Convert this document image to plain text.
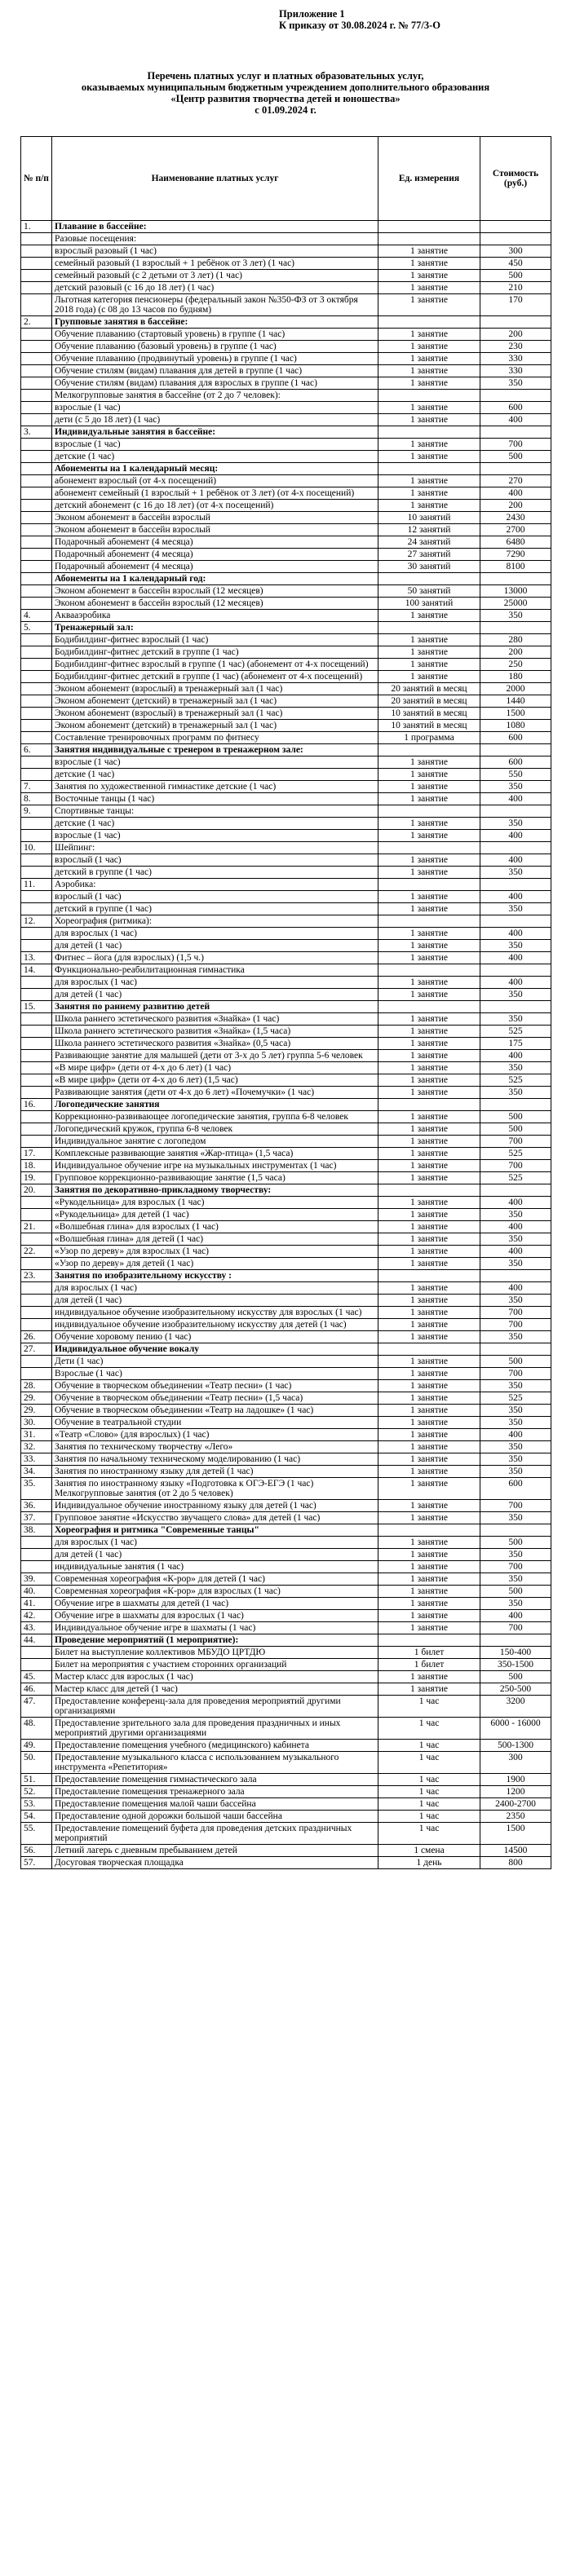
Приложение 1
К приказу от 30.08.2024 г. № 77/3-О
Перечень платных услуг и платных образовательных услуг,
оказываемых муниципальным бюджетным учреждением дополнительного образования
«Центр развития творчества детей и юношества»
с 01.09.2024 г.
№ п/п	Наименование платных услуг	Ед. измерения	Стоимость (руб.)
1.	Плавание в бассейне:		
	Разовые посещения:		
	взрослый разовый (1 час)	1 занятие	300
	семейный разовый (1 взрослый + 1 ребёнок от 3 лет) (1 час)	1 занятие	450
	семейный разовый (с 2 детьми от 3 лет) (1 час)	1 занятие	500
	детский разовый (с 16 до 18 лет) (1 час)	1 занятие	210
	Льготная категория пенсионеры (федеральный закон №350-ФЗ от 3 октября 2018 года) (с 08 до 13 часов по будням)	1 занятие	170
2.	Групповые занятия в бассейне:		
	Обучение плаванию (стартовый уровень) в группе (1 час)	1 занятие	200
	Обучение плаванию (базовый уровень) в группе (1 час)	1 занятие	230
	Обучение плаванию (продвинутый уровень) в группе (1 час)	1 занятие	330
	Обучение стилям (видам) плавания для детей в группе (1 час)	1 занятие	330
	Обучение стилям (видам) плавания для взрослых в группе (1 час)	1 занятие	350
	Мелкогрупповые занятия в бассейне (от 2 до 7 человек):		
	взрослые (1 час)	1 занятие	600
	дети (с 5 до 18 лет) (1 час)	1 занятие	400
3.	Индивидуальные занятия в бассейне:		
	взрослые (1 час)	1 занятие	700
	детские (1 час)	1 занятие	500
	Абонементы на 1 календарный месяц:		
	абонемент взрослый (от 4-х посещений)	1 занятие	270
	абонемент семейный (1 взрослый + 1 ребёнок от 3 лет) (от 4-х посещений)	1 занятие	400
	детский абонемент (с 16 до 18 лет) (от 4-х посещений)	1 занятие	200
	Эконом абонемент в бассейн взрослый	10 занятий	2430
	Эконом абонемент в бассейн взрослый	12 занятий	2700
	Подарочный абонемент (4 месяца)	24 занятий	6480
	Подарочный абонемент (4 месяца)	27 занятий	7290
	Подарочный абонемент (4 месяца)	30 занятий	8100
	Абонементы на 1 календарный год:		
	Эконом абонемент в бассейн взрослый (12 месяцев)	50 занятий	13000
	Эконом абонемент в бассейн взрослый (12 месяцев)	100 занятий	25000
4.	Аквааэробика	1 занятие	350
5.	Тренажерный зал:		
	Бодибилдинг-фитнес взрослый (1 час)	1 занятие	280
	Бодибилдинг-фитнес детский в группе (1 час)	1 занятие	200
	Бодибилдинг-фитнес взрослый в группе (1 час) (абонемент от 4-х посещений)	1 занятие	250
	Бодибилдинг-фитнес детский в группе (1 час) (абонемент от 4-х посещений)	1 занятие	180
	Эконом абонемент (взрослый) в тренажерный зал (1 час)	20 занятий в месяц	2000
	Эконом абонемент (детский) в тренажерный зал (1 час)	20 занятий в месяц	1440
	Эконом абонемент (взрослый) в тренажерный зал (1 час)	10 занятий в месяц	1500
	Эконом абонемент (детский) в тренажерный зал (1 час)	10 занятий в месяц	1080
	Составление тренировочных программ по фитнесу	1 программа	600
6.	Занятия индивидуальные с тренером в тренажерном зале:		
	взрослые (1 час)	1 занятие	600
	детские (1 час)	1 занятие	550
7.	Занятия по художественной гимнастике детские (1 час)	1 занятие	350
8.	Восточные танцы (1 час)	1 занятие	400
9.	Спортивные танцы:		
	детские (1 час)	1 занятие	350
	взрослые (1 час)	1 занятие	400
10.	Шейпинг:		
	взрослый (1 час)	1 занятие	400
	детский в группе (1 час)	1 занятие	350
11.	Аэробика:		
	взрослый (1 час)	1 занятие	400
	детский в группе (1 час)	1 занятие	350
12.	Хореография (ритмика):		
	для взрослых (1 час)	1 занятие	400
	для детей (1 час)	1 занятие	350
13.	Фитнес – йога (для взрослых) (1,5 ч.)	1 занятие	400
14.	Функционально-реабилитационная гимнастика		
	для взрослых (1 час)	1 занятие	400
	для детей (1 час)	1 занятие	350
15.	Занятия по раннему развитию детей		
	Школа раннего эстетического развития «Знайка» (1 час)	1 занятие	350
	Школа раннего эстетического развития «Знайка» (1,5 часа)	1 занятие	525
	Школа раннего эстетического развития «Знайка» (0,5 часа)	1 занятие	175
	Развивающие занятие для малышей (дети от 3-х до 5 лет) группа 5-6 человек	1 занятие	400
	«В мире цифр» (дети от 4-х до 6 лет) (1 час)	1 занятие	350
	«В мире цифр» (дети от 4-х до 6 лет) (1,5 час)	1 занятие	525
	Развивающие занятия (дети от 4-х до 6 лет) «Почемучки» (1 час)	1 занятие	350
16.	Логопедические занятия		
	Коррекционно-развивающее логопедические занятия, группа 6-8 человек	1 занятие	500
	Логопедический кружок, группа 6-8 человек	1 занятие	500
	Индивидуальное занятие с логопедом	1 занятие	700
17.	Комплексные развивающие занятия «Жар-птица» (1,5 часа)	1 занятие	525
18.	Индивидуальное обучение игре на музыкальных инструментах (1 час)	1 занятие	700
19.	Групповое коррекционно-развивающие занятие (1,5 часа)	1 занятие	525
20.	Занятия по декоративно-прикладному творчеству:		
	«Рукодельница» для взрослых (1 час)	1 занятие	400
	«Рукодельница» для детей (1 час)	1 занятие	350
21.	«Волшебная глина» для взрослых (1 час)	1 занятие	400
	«Волшебная глина» для детей (1 час)	1 занятие	350
22.	«Узор по дереву» для взрослых (1 час)	1 занятие	400
	«Узор по дереву» для детей (1 час)	1 занятие	350
23.	Занятия по изобразительному искусству :		
	для взрослых (1 час)	1 занятие	400
	для детей (1 час)	1 занятие	350
	индивидуальное обучение изобразительному искусству для взрослых (1 час)	1 занятие	700
	индивидуальное обучение изобразительному искусству для детей (1 час)	1 занятие	700
26.	Обучение хоровому пению (1 час)	1 занятие	350
27.	Индивидуальное обучение вокалу		
	Дети (1 час)	1 занятие	500
	Взрослые (1 час)	1 занятие	700
28.	Обучение в творческом объединении «Театр песни» (1 час)	1 занятие	350
29.	Обучение в творческом объединении «Театр песни» (1,5 часа)	1 занятие	525
29.	Обучение в творческом объединении «Театр на ладошке» (1 час)	1 занятие	350
30.	Обучение в театральной студии	1 занятие	350
31.	«Театр «Слово» (для взрослых) (1 час)	1 занятие	400
32.	Занятия по техническому творчеству «Лего»	1 занятие	350
33.	Занятия по начальному техническому моделированию (1 час)	1 занятие	350
34.	Занятия по иностранному языку для детей (1 час)	1 занятие	350
35.	Занятия по иностранному языку «Подготовка к ОГЭ-ЕГЭ (1 час) Мелкогрупповые занятия (от 2 до 5 человек)	1 занятие	600
36.	Индивидуальное обучение иностранному языку для детей (1 час)	1 занятие	700
37.	Групповое занятие «Искусство звучащего слова» для детей (1 час)	1 занятие	350
38.	Хореография и ритмика "Современные танцы"		
	для взрослых (1 час)	1 занятие	500
	для детей (1 час)	1 занятие	350
	индивидуальные занятия (1 час)	1 занятие	700
39.	Современная хореография «К-рор» для детей (1 час)	1 занятие	350
40.	Современная хореография «К-рор» для взрослых (1 час)	1 занятие	500
41.	Обучение игре в шахматы для детей (1 час)	1 занятие	350
42.	Обучение игре в шахматы для взрослых (1 час)	1 занятие	400
43.	Индивидуальное обучение игре в шахматы (1 час)	1 занятие	700
44.	Проведение мероприятий (1 мероприятие):		
	Билет на выступление коллективов МБУДО ЦРТДЮ	1 билет	150-400
	Билет на мероприятия с участием сторонних организаций	1 билет	350-1500
45.	Мастер класс для взрослых (1 час)	1 занятие	500
46.	Мастер класс для детей (1 час)	1 занятие	250-500
47.	Предоставление конференц-зала для проведения мероприятий другими организациями	1 час	3200
48.	Предоставление зрительного зала для проведения праздничных и иных мероприятий другими организациями	1 час	6000 - 16000
49.	Предоставление помещения учебного (медицинского) кабинета	1 час	500-1300
50.	Предоставление музыкального класса с использованием музыкального инструмента «Репетитория»	1 час	300
51.	Предоставление помещения гимнастического зала	1 час	1900
52.	Предоставление помещения тренажерного зала	1 час	1200
53.	Предоставление помещения малой чаши бассейна	1 час	2400-2700
54.	Предоставление одной дорожки большой чаши бассейна	1 час	2350
55.	Предоставление помещений буфета для проведения детских праздничных мероприятий	1 час	1500
56.	Летний лагерь с дневным пребыванием детей	1 смена	14500
57.	Досуговая творческая площадка	1 день	800
